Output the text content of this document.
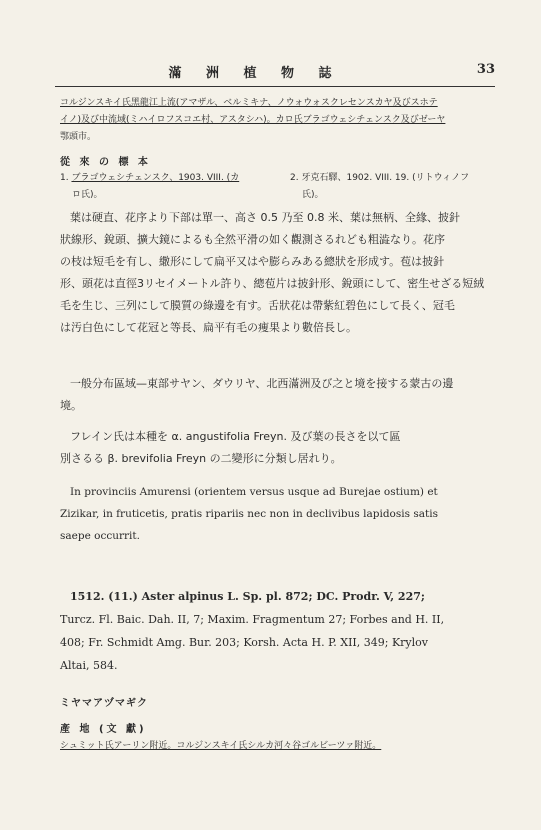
滿 洲 植 物 誌	33
コルジンスキイ氏黑龍江上流(アマザル、ベルミキナ、ノウォウォスクレセンスカヤ及びスホテ
イノ)及び中流域(ミハイロフスコエ村、アスタシハ)。カロ氏ブラゴウェシチェンスク及びゼーヤ
鄂頭市。
從 來 の 標 本
1. ブラゴウェシチェンスク、1903. VIII. (カ
ロ氏)。
2. 牙克石驛、1902. VIII. 19. (リトウィノフ
氏)。
葉は硬直、花序より下部は單一、高さ 0.5 乃至 0.8 米、葉は無柄、全緣、披針
狀線形、銳頭、擴大鏡によるも全然平滑の如く觀測さるれども粗澁なり。花序
の枝は短毛を有し、繖形にして扁平又はや膨らみある總狀を形成す。苞は披針
形、頭花は直徑3リセイメートル許り、總苞片は披針形、銳頭にして、密生せざる短絨
毛を生じ、三列にして膜質の綠邊を有す。舌狀花は帶紫紅碧色にして長く、冠毛
は汚白色にして花冠と等長、扁平有毛の痩果より數倍長し。
一般分布區域—東部サヤン、ダウリヤ、北西滿洲及び之と境を接する蒙古の邊
境。
フレイン氏は本種を α. angustifolia Freyn. 及び葉の長さを以て區
別さるる β. brevifolia Freyn の二變形に分類し居れり。
In provinciis Amurensi (orientem versus usque ad Burejae ostium) et
Zizikar, in fruticetis, pratis ripariis nec non in declivibus lapidosis satis
saepe occurrit.
1512. (11.) Aster alpinus L. Sp. pl. 872; DC. Prodr. V, 227;
Turcz. Fl. Baic. Dah. II, 7; Maxim. Fragmentum 27; Forbes and H. II,
408; Fr. Schmidt Amg. Bur. 203; Korsh. Acta H. P. XII, 349; Krylov
Altai, 584.
ミヤマアヅマギク
產 地 (文 獻)
シュミット氏アーリン附近。コルジンスキイ氏シルカ河々谷ゴルビーツァ附近。
